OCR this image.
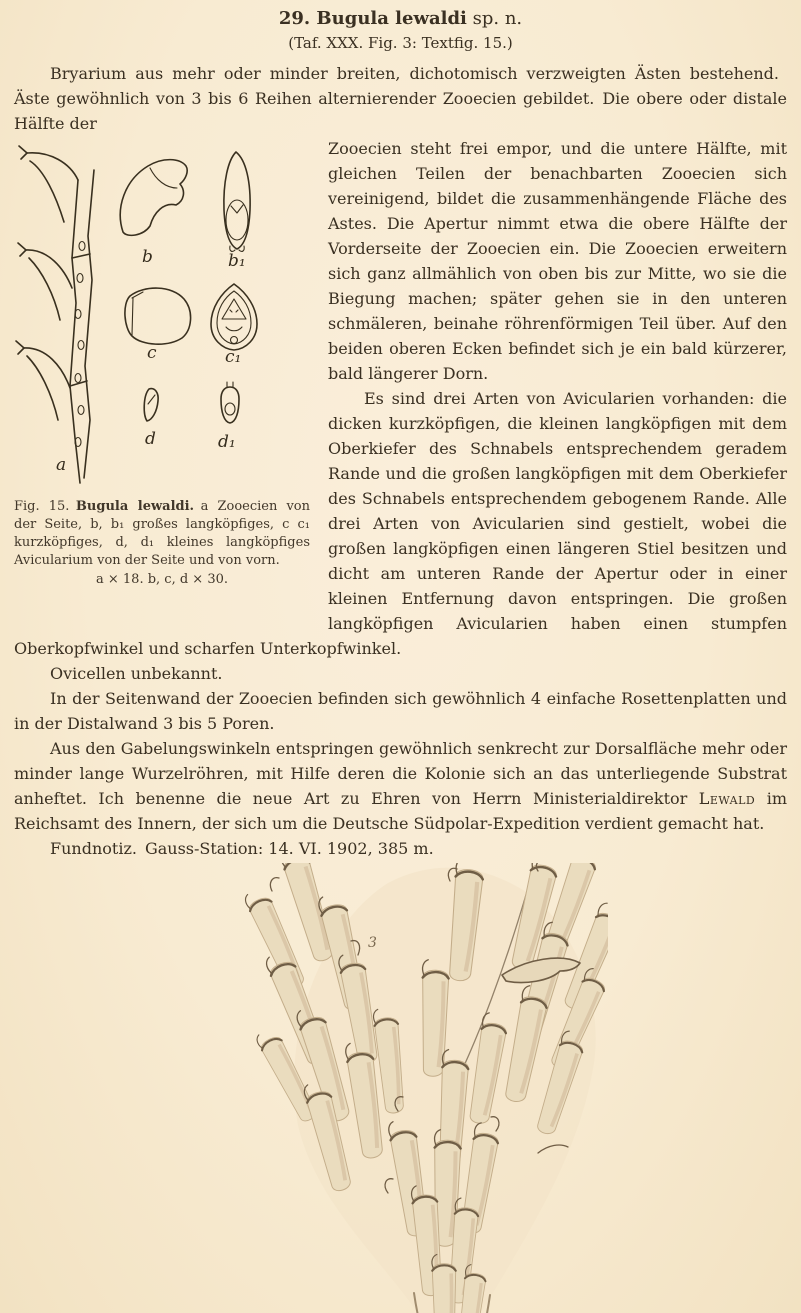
29. Bugula lewaldi sp. n.
(Taf. XXX. Fig. 3: Textfig. 15.)

Bryarium aus mehr oder minder breiten, dichotomisch verzweigten Ästen bestehend. Äste gewöhnlich von 3 bis 6 Reihen alternierender Zooecien gebildet. Die obere oder distale Hälfte der

a
b	b₁
c	c₁
d	d₁
Fig. 15. Bugula lewaldi. a Zooecien von der Seite, b, b₁ großes langköpfiges, c c₁ kurzköpfiges, d, d₁ kleines langköpfiges Avicularium von der Seite und von vorn.
a × 18. b, c, d × 30.

Zooecien steht frei empor, und die untere Hälfte, mit gleichen Teilen der benachbarten Zooecien sich vereinigend, bildet die zusammenhängende Fläche des Astes. Die Apertur nimmt etwa die obere Hälfte der Vorderseite der Zooecien ein. Die Zooecien erweitern sich ganz allmählich von oben bis zur Mitte, wo sie die Biegung machen; später gehen sie in den unteren schmäleren, beinahe röhrenförmigen Teil über. Auf den beiden oberen Ecken befindet sich je ein bald kürzerer, bald längerer Dorn.

Es sind drei Arten von Avicularien vorhanden: die dicken kurzköpfigen, die kleinen langköpfigen mit dem Oberkiefer des Schnabels entsprechendem geradem Rande und die großen langköpfigen mit dem Oberkiefer des Schnabels entsprechendem gebogenem Rande. Alle drei Arten von Avicularien sind gestielt, wobei die großen langköpfigen einen längeren Stiel besitzen und dicht am unteren Rande der Apertur oder in einer kleinen Entfernung davon entspringen. Die großen langköpfigen Avicularien haben einen stumpfen Oberkopfwinkel und scharfen Unterkopfwinkel.

Ovicellen unbekannt.

In der Seitenwand der Zooecien befinden sich gewöhnlich 4 einfache Rosettenplatten und in der Distalwand 3 bis 5 Poren.

Aus den Gabelungswinkeln entspringen gewöhnlich senkrecht zur Dorsalfläche mehr oder minder lange Wurzelröhren, mit Hilfe deren die Kolonie sich an das unterliegende Substrat anheftet. Ich benenne die neue Art zu Ehren von Herrn Ministerialdirektor Lewald im Reichsamt des Innern, der sich um die Deutsche Südpolar-Expedition verdient gemacht hat.

Fundnotiz. Gauss-Station: 14. VI. 1902, 385 m.

3
